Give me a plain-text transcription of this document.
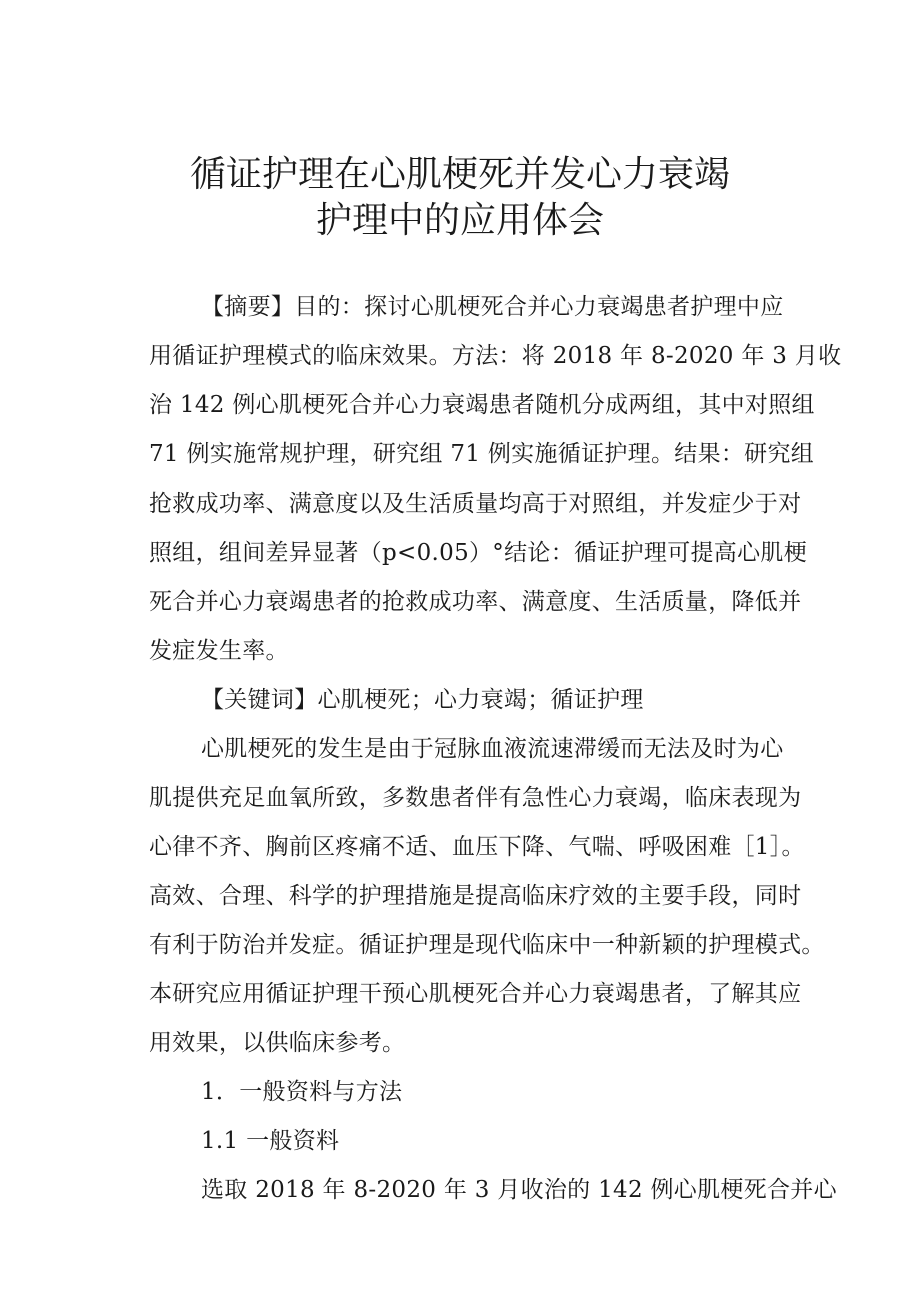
循证护理在心肌梗死并发心力衰竭
护理中的应用体会
【摘要】目的：探讨心肌梗死合并心力衰竭患者护理中应
用循证护理模式的临床效果。方法：将 2018 年 8-2020 年 3 月收
治 142 例心肌梗死合并心力衰竭患者随机分成两组，其中对照组
71 例实施常规护理，研究组 71 例实施循证护理。结果：研究组
抢救成功率、满意度以及生活质量均高于对照组，并发症少于对
照组，组间差异显著（p<0.05）°结论：循证护理可提高心肌梗
死合并心力衰竭患者的抢救成功率、满意度、生活质量，降低并
发症发生率。
【关键词】心肌梗死；心力衰竭；循证护理
心肌梗死的发生是由于冠脉血液流速滞缓而无法及时为心
肌提供充足血氧所致，多数患者伴有急性心力衰竭，临床表现为
心律不齐、胸前区疼痛不适、血压下降、气喘、呼吸困难［1］。
高效、合理、科学的护理措施是提高临床疗效的主要手段，同时
有利于防治并发症。循证护理是现代临床中一种新颖的护理模式。
本研究应用循证护理干预心肌梗死合并心力衰竭患者，了解其应
用效果，以供临床参考。
1．一般资料与方法
1.1 一般资料
选取 2018 年 8-2020 年 3 月收治的 142 例心肌梗死合并心
